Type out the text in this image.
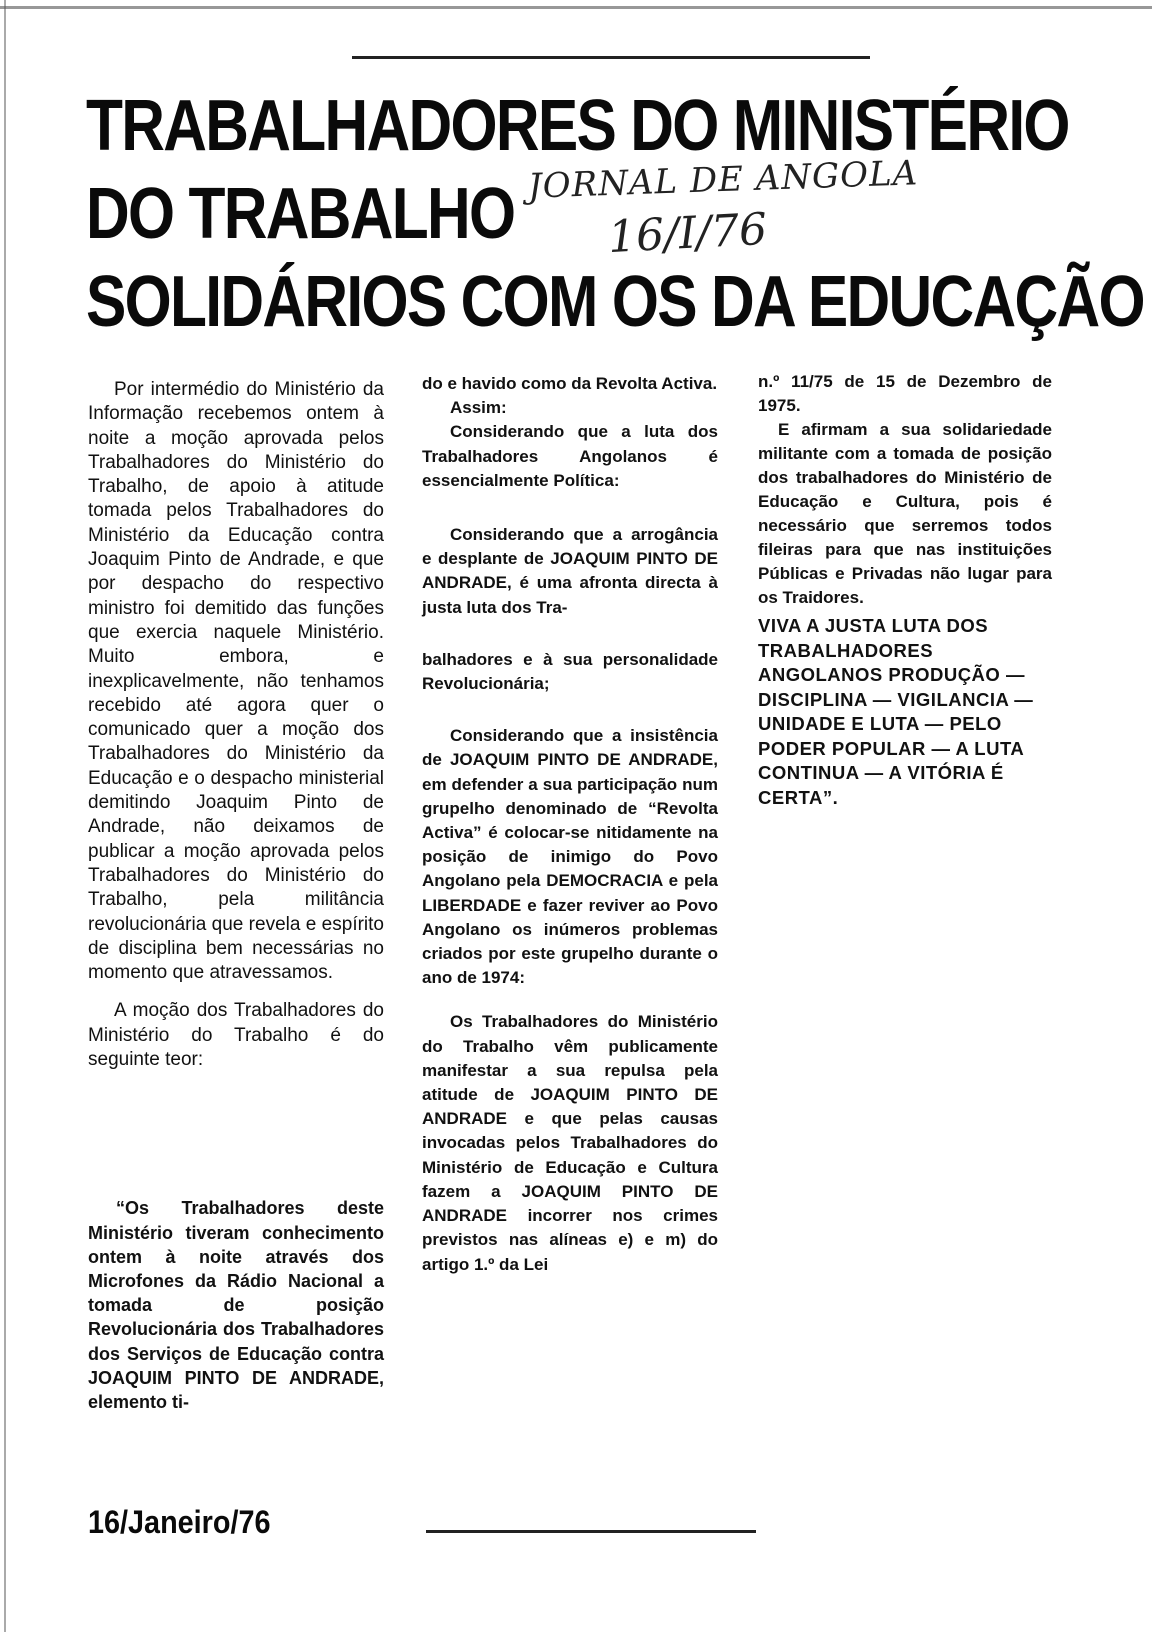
TRABALHADORES DO MINISTÉRIO
DO TRABALHO
SOLIDÁRIOS COM OS DA EDUCAÇÃO
JORNAL DE ANGOLA
16/I/76

Por intermédio do Ministério da Informação recebemos ontem à noite a moção aprovada pelos Trabalhadores do Ministério do Trabalho, de apoio à atitude tomada pelos Trabalhadores do Ministério da Educação contra Joaquim Pinto de Andrade, e que por despacho do respectivo ministro foi demitido das funções que exercia naquele Ministério. Muito embora, e inexplicavelmente, não tenhamos recebido até agora quer o comunicado quer a moção dos Trabalhadores do Ministério da Educação e o despacho ministerial demitindo Joaquim Pinto de Andrade, não deixamos de publicar a moção aprovada pelos Trabalhadores do Ministério do Trabalho, pela militância revolucionária que revela e espírito de disciplina bem necessárias no momento que atravessamos.

A moção dos Trabalhadores do Ministério do Trabalho é do seguinte teor:

“Os Trabalhadores deste Ministério tiveram conhecimento ontem à noite através dos Microfones da Rádio Nacional a tomada de posição Revolucionária dos Trabalhadores dos Serviços de Educação contra JOAQUIM PINTO DE ANDRADE, elemento ti-

do e havido como da Revolta Activa.

Assim:

Considerando que a luta dos Trabalhadores Angolanos é essencialmente Política:

Considerando que a arrogância e desplante de JOAQUIM PINTO DE ANDRADE, é uma afronta directa à justa luta dos Tra-

balhadores e à sua personalidade Revolucionária;

Considerando que a insistência de JOAQUIM PINTO DE ANDRADE, em defender a sua participação num grupelho denominado de “Revolta Activa” é colocar-se nitidamente na posição de inimigo do Povo Angolano pela DEMOCRACIA e pela LIBERDADE e fazer reviver ao Povo Angolano os inúmeros problemas criados por este grupelho durante o ano de 1974:

Os Trabalhadores do Ministério do Trabalho vêm publicamente manifestar a sua repulsa pela atitude de JOAQUIM PINTO DE ANDRADE e que pelas causas invocadas pelos Trabalhadores do Ministério de Educação e Cultura fazem a JOAQUIM PINTO DE ANDRADE incorrer nos crimes previstos nas alíneas e) e m) do artigo 1.º da Lei

n.º 11/75 de 15 de Dezembro de 1975.

E afirmam a sua solidariedade militante com a tomada de posição dos trabalhadores do Ministério de Educação e Cultura, pois é necessário que serremos todos fileiras para que nas instituições Públicas e Privadas não lugar para os Traidores.

VIVA A JUSTA LUTA DOS TRABALHADORES ANGOLANOS PRODUÇÃO — DISCIPLINA — VIGILANCIA — UNIDADE E LUTA — PELO PODER POPULAR — A LUTA CONTINUA — A VITÓRIA É CERTA”.

16/Janeiro/76
